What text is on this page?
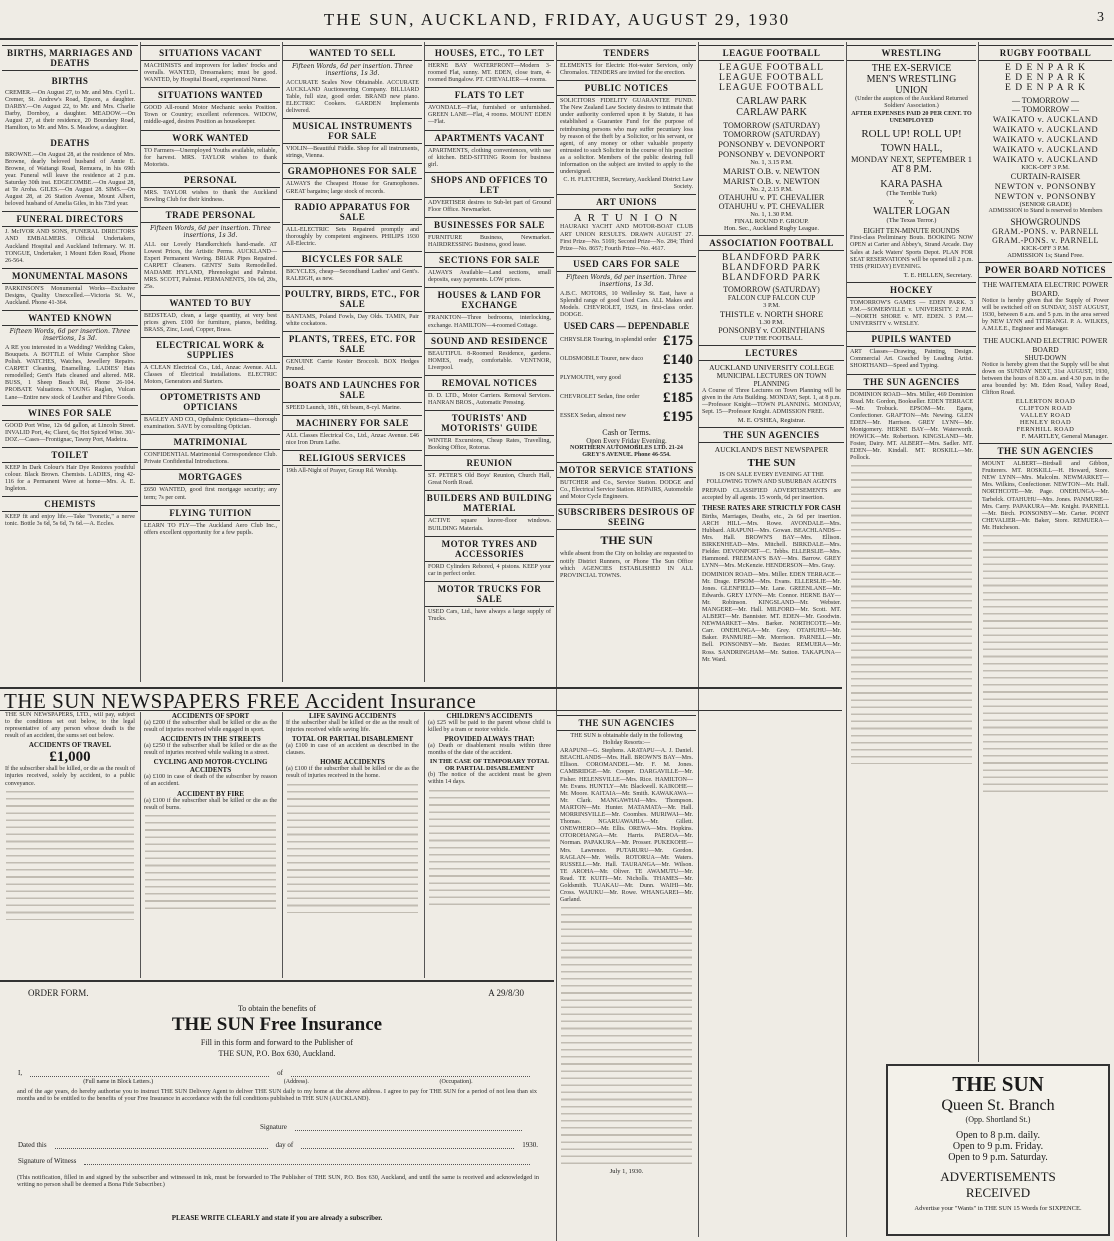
THE SUN, AUCKLAND, FRIDAY, AUGUST 29, 1930	3
BIRTHS, MARRIAGES AND DEATHS
BIRTHS

CREMER.—On August 27, to Mr. and Mrs. Cyril L. Cremer, St. Andrew's Road, Epsom, a daughter. DARBY.—On August 22, to Mr. and Mrs. Charlie Darby, Dornboy, a daughter. MEADOW.—On August 27, at their residence, 20 Boundary Road, Hamilton, to Mr. and Mrs. S. Meadow, a daughter.

DEATHS

BROWNE.—On August 28, at the residence of Mrs. Browne, dearly beloved husband of Annie E. Browne, of Waitangi Road, Remuera, in his 69th year. Funeral will leave the residence at 2 p.m. Saturday 30th inst. EDGECOMBE.—On August 28, at Te Aroha. GILES.—On August 28. SIMS.—On August 28, at 26 Station Avenue, Mount Albert, beloved husband of Amelia Giles, in his 73rd year.

FUNERAL DIRECTORS

J. McIVOR AND SONS, FUNERAL DIRECTORS AND EMBALMERS. Official Undertakers, Auckland Hospital and Auckland Infirmary. W. H. TONGUE, Undertaker, 1 Mount Eden Road, Phone 26-564.

MONUMENTAL MASONS

PARKINSON'S Monumental Works—Exclusive Designs, Quality Unexcelled.—Victoria St. W., Auckland. Phone 41-364.

WANTED KNOWN
Fifteen Words, 6d per insertion. Three insertions, 1s 3d.

A RE you interested in a Wedding? Wedding Cakes, Bouquets. A BOTTLE of White Camphor Shoe Polish. WATCHES, Watches, Jewellery Repairs. CARPET Cleaning, Enamelling. LADIES' Hats remodelled; Gent's Hats cleaned and altered. MR. BUSS, 1 Sheep Beach Rd, Phone 26-104. PROBATE Valuations. YOUNG Raglan, Vulcan Lane—Entire new stock of Leather and Fibre Goods.

WINES FOR SALE

GOOD Port Wine, 12s 6d gallon, at Lincoln Street. INVALID Port, 4s; Claret, 6s; Hot Spiced Wine. 30/- DOZ.—Cases—Frontignac, Tawny Port, Madeira.

TOILET

KEEP In Dark Colour's Hair Dye Restores youthful colour. Black Brown. Chemists. LADIES, ring 42-116 for a Permanent Wave at home—Mrs. A. E. Ingleton.

CHEMISTS

KEEP fit and enjoy life.—Take "Ivonetic," a nerve tonic. Bottle 3s 6d, 5s 6d, 7s 6d.—A. Eccles.

SITUATIONS VACANT

MACHINISTS and improvers for ladies' frocks and overalls. WANTED, Dressmakers; must be good. WANTED, by Hospital Board, experienced Nurse.

SITUATIONS WANTED

GOOD All-round Motor Mechanic seeks Position. Town or Country; excellent references. WIDOW, middle-aged, desires Position as housekeeper.

WORK WANTED

TO Farmers—Unemployed Youths available, reliable, for harvest. MRS. TAYLOR wishes to thank Motorists.

PERSONAL

MRS. TAYLOR wishes to thank the Auckland Bowling Club for their kindness.

TRADE PERSONAL
Fifteen Words, 6d per insertion. Three insertions, 1s 3d.

ALL our Lovely Handkerchiefs hand-made. AT Lowest Prices, the Artistic Perms. AUCKLAND—Expert Permanent Waving. BRIAR Pipes Repaired. CARPET Cleaners. GENTS' Suits Remodelled. MADAME HYLAND, Phrenologist and Palmist. MRS. SCOTT, Palmist. PERMANENTS, 10s 6d, 20s, 25s.

WANTED TO BUY

BEDSTEAD, clean, a large quantity, at very best prices given. £100 for furniture, pianos, bedding. BRASS, Zinc, Lead, Copper, Brass.

ELECTRICAL WORK & SUPPLIES

A CLEAN Electrical Co., Ltd., Anzac Avenue. ALL Classes of Electrical installations. ELECTRIC Motors, Generators and Starters.

OPTOMETRISTS AND OPTICIANS

BAGLEY AND CO., Opthalmic Opticians—thorough examination. SAVE by consulting Optician.

MATRIMONIAL

CONFIDENTIAL Matrimonial Correspondence Club. Private Confidential Introductions.

MORTGAGES

£650 WANTED, good first mortgage security; any term; 7s per cent.

FLYING TUITION

LEARN TO FLY—The Auckland Aero Club Inc., offers excellent opportunity for a few pupils.

WANTED TO SELL
Fifteen Words, 6d per insertion. Three insertions, 1s 3d.

ACCURATE Scales Now Obtainable. ACCURATE AUCKLAND Auctioneering Company. BILLIARD Table, full size, good order. BRAND new piano. ELECTRIC Cookers. GARDEN Implements delivered.

MUSICAL INSTRUMENTS FOR SALE

VIOLIN—Beautiful Fiddle. Shop for all instruments, strings, Vienna.

GRAMOPHONES FOR SALE

ALWAYS the Cheapest House for Gramophones. GREAT bargains; large stock of records.

RADIO APPARATUS FOR SALE

ALL-ELECTRIC Sets Repaired promptly and thoroughly by competent engineers. PHILIPS 1930 All-Electric.

BICYCLES FOR SALE

BICYCLES, cheap—Secondhand Ladies' and Gent's. RALEIGH, as new.

POULTRY, BIRDS, ETC., FOR SALE

BANTAMS, Poland Fowls, Day Olds. TAMIN, Pair white cockatoos.

PLANTS, TREES, ETC. FOR SALE

GENUINE Carrie Kester Broccoli. BOX Hedges Pruned.

BOATS AND LAUNCHES FOR SALE

SPEED Launch, 18ft., 6ft beam, 8-cyl. Marine.

MACHINERY FOR SALE

ALL Classes Electrical Co., Ltd., Anzac Avenue. £46 nice Iron Drum Lathe.

RELIGIOUS SERVICES

19th All-Night of Prayer, Group Rd. Worship.

HOUSES, ETC., TO LET

HERNE BAY WATERFRONT—Modern 3-roomed Flat, sunny. MT. EDEN, close tram, 4-roomed Bungalow. PT. CHEVALIER—4 rooms.

FLATS TO LET

AVONDALE—Flat, furnished or unfurnished. GREEN LANE—Flat, 4 rooms. MOUNT EDEN—Flat.

APARTMENTS VACANT

APARTMENTS, clothing conveniences, with use of kitchen. BED-SITTING Room for business girl.

SHOPS AND OFFICES TO LET

ADVERTISER desires to Sub-let part of Ground Floor Office. Newmarket.

BUSINESSES FOR SALE

FURNITURE Business, Newmarket. HAIRDRESSING Business, good lease.

SECTIONS FOR SALE

ALWAYS Available—Land sections, small deposits, easy payments. LOW prices.

HOUSES & LAND FOR EXCHANGE

FRANKTON—Three bedrooms, interlocking, exchange. HAMILTON—4-roomed Cottage.

SOUND AND RESIDENCE

BEAUTIFUL 8-Roomed Residence, gardens. HOMES, ready, comfortable. VENTNOR, Liverpool.

REMOVAL NOTICES

D. D. LTD., Motor Carriers. Removal Services. HANRAN BROS., Automatic Pressing.

TOURISTS' AND MOTORISTS' GUIDE

WINTER Excursions, Cheap Rates, Travelling, Booking Office, Rotorua.

REUNION

ST. PETER'S Old Boys' Reunion, Church Hall, Great North Road.

BUILDERS AND BUILDING MATERIAL

ACTIVE square louvre-floor windows. BUILDING Materials.

MOTOR TYRES AND ACCESSORIES

FORD Cylinders Rebored, 4 pistons. KEEP your car in perfect order.

MOTOR TRUCKS FOR SALE

USED Cars, Ltd., have always a large supply of Trucks.

TENDERS

ELEMENTS for Electric Hot-water Services, only Chromalox. TENDERS are invited for the erection.

PUBLIC NOTICES

SOLICITORS FIDELITY GUARANTEE FUND. The New Zealand Law Society desires to intimate that under authority conferred upon it by Statute, it has established a Guarantee Fund for the purpose of reimbursing persons who may suffer pecuniary loss by reason of the theft by a Solicitor, or his servant, or agent, of any money or other valuable property entrusted to such Solicitor in the course of his practice as a solicitor. Members of the public desiring full information on the subject are invited to apply to the undersigned.

C. H. FLETCHER, Secretary, Auckland District Law Society.

ART UNIONS
A R T U N I O N

HAURAKI YACHT AND MOTOR-BOAT CLUB ART UNION RESULTS. DRAWN AUGUST 27. First Prize—No. 5169; Second Prize—No. 284; Third Prize—No. 8657; Fourth Prize—No. 4617.

USED CARS FOR SALE
Fifteen Words, 6d per insertion. Three insertions, 1s 3d.

A.B.C. MOTORS, 10 Wellesley St. East, have a Splendid range of good Used Cars. ALL Makes and Models. CHEVROLET, 1929, in first-class order. DODGE.

USED CARS — DEPENDABLE
CHRYSLER Touring, in splendid order £175
OLDSMOBILE Tourer, new duco	£140
PLYMOUTH, very good	£135
CHEVROLET Sedan, fine order	£185
ESSEX Sedan, almost new	£195
Cash or Terms.
Open Every Friday Evening.

NORTHERN AUTOMOBILES LTD. 21-24 GREY'S AVENUE. Phone 46-554.

MOTOR SERVICE STATIONS

BUTCHER and Co., Service Station. DODGE and Co., Electrical Service Station. REPAIRS, Automobile and Motor Cycle Engineers.

SUBSCRIBERS DESIROUS OF SEEING
THE SUN

while absent from the City on holiday are requested to notify District Runners, or Phone The Sun Office which AGENCIES ESTABLISHED IN ALL PROVINCIAL TOWNS.

LEAGUE FOOTBALL
LEAGUE FOOTBALL
LEAGUE FOOTBALL
LEAGUE FOOTBALL
CARLAW PARK
CARLAW PARK
TOMORROW (SATURDAY)
TOMORROW (SATURDAY)
PONSONBY v. DEVONPORT
PONSONBY v. DEVONPORT
No. 1, 3.15 P.M.
MARIST O.B. v. NEWTON
MARIST O.B. v. NEWTON
No. 2, 2.15 P.M.
OTAHUHU v. PT. CHEVALIER
OTAHUHU v. PT. CHEVALIER
No. 1, 1.30 P.M.
FINAL ROUND F. GROUP.
Hon. Sec., Auckland Rugby League.
ASSOCIATION FOOTBALL
BLANDFORD PARK
BLANDFORD PARK
BLANDFORD PARK
TOMORROW (SATURDAY)
FALCON CUP FALCON CUP
3 P.M.
THISTLE v. NORTH SHORE
1.30 P.M.
PONSONBY v. CORINTHIANS
CUP THE FOOTBALL
LECTURES
AUCKLAND UNIVERSITY COLLEGE
MUNICIPAL LECTURES ON TOWN PLANNING

A Course of Three Lectures on Town Planning will be given in the Arts Building. MONDAY, Sept. 1, at 8 p.m.—Professor Knight—TOWN PLANNING. MONDAY, Sept. 15—Professor Knight. ADMISSION FREE.

M. E. O'SHEA, Registrar.
THE SUN AGENCIES
AUCKLAND'S BEST NEWSPAPER
THE SUN

IS ON SALE EVERY EVENING AT THE FOLLOWING TOWN AND SUBURBAN AGENTS

PREPAID CLASSIFIED ADVERTISEMENTS are accepted by all agents. 15 words, 6d per insertion.

THESE RATES ARE STRICTLY FOR CASH

Births, Marriages, Deaths, etc., 2s 6d per insertion. ARCH HILL—Mrs. Rowe. AVONDALE—Mrs. Hubbard. ARAPUNI—Mrs. Gowan. BEACHLANDS—Mrs. Hall. BROWN'S BAY—Mrs. Ellison. BIRKENHEAD—Mrs. Mitchell. BIRKDALE—Mrs. Fielder. DEVONPORT—C. Tebbs. ELLERSLIE—Mrs. Hammond. FREEMAN'S BAY—Mrs. Barrow. GREY LYNN—Mrs. McKenzie. HENDERSON—Mrs. Gray.

DOMINION ROAD—Mrs. Miller. EDEN TERRACE—Mr. Drage. EPSOM—Mrs. Evans. ELLERSLIE—Mr. Jones. GLENFIELD—Mr. Lane. GREENLANE—Mr. Edwards. GREY LYNN—Mr. Connor. HERNE BAY—Mr. Robinson. KINGSLAND—Mr. Webster. MANGERE—Mr. Hall. MILFORD—Mr. Scott. MT. ALBERT—Mr. Bannister. MT. EDEN—Mr. Goodwin. NEWMARKET—Mrs. Barker. NORTHCOTE—Mr. Carr. ONEHUNGA—Mr. Grey. OTAHUHU—Mr. Baker. PANMURE—Mr. Morrison. PARNELL—Mr. Bell. PONSONBY—Mr. Baxter. REMUERA—Mr. Ross. SANDRINGHAM—Mr. Sutton. TAKAPUNA—Mr. Ward.

WRESTLING
THE EX-SERVICE
MEN'S WRESTLING
UNION

(Under the auspices of the Auckland Returned Soldiers' Association.)

AFTER EXPENSES PAID 20 PER CENT. TO UNEMPLOYED

ROLL UP! ROLL UP!
TOWN HALL,
MONDAY NEXT, SEPTEMBER 1
AT 8 P.M.
KARA PASHA
(The Terrible Turk)
v.
WALTER LOGAN
(The Texas Terror.)
EIGHT TEN-MINUTE ROUNDS

First-class Preliminary Bouts. BOOKING NOW OPEN at Carter and Abbey's, Strand Arcade. Day Sales at Jack Waters' Sports Depot. PLAN FOR SEAT RESERVATIONS will be opened till 2 p.m. THIS (FRIDAY) EVENING.

T. E. HELLEN, Secretary.
HOCKEY

TOMORROW'S GAMES — EDEN PARK. 3 P.M.—SOMERVILLE v. UNIVERSITY. 2 P.M.—NORTH SHORE v. MT. EDEN. 3 P.M.—UNIVERSITY v. WESLEY.

PUPILS WANTED

ART Classes—Drawing, Painting, Design. Commercial Art. Coached by Leading Artist. SHORTHAND—Speed and Typing.

THE SUN AGENCIES

DOMINION ROAD—Mrs. Miller, 469 Dominion Road. Mr. Gordon, Bookseller. EDEN TERRACE—Mr. Trobuck. EPSOM—Mr. Egans, Confectioner. GRAFTON—Mr. Newing. GLEN EDEN—Mr. Harrison. GREY LYNN—Mr. Montgomery. HERNE BAY—Mr. Waterworth. HOWICK—Mr. Robertson. KINGSLAND—Mr. Foster, Dairy. MT. ALBERT—Mrs. Sadler. MT. EDEN—Mr. Kindall. MT. ROSKILL—Mr. Pollock.

RUGBY FOOTBALL
E D E N P A R K
E D E N P A R K
E D E N P A R K
— TOMORROW —
— TOMORROW —
WAIKATO v. AUCKLAND
WAIKATO v. AUCKLAND
WAIKATO v. AUCKLAND
WAIKATO v. AUCKLAND
WAIKATO v. AUCKLAND
KICK-OFF 3 P.M.
CURTAIN-RAISER
NEWTON v. PONSONBY
NEWTON v. PONSONBY
(SENIOR GRADE)

ADMISSION to Stand is reserved to Members

SHOWGROUNDS
GRAM.-PONS. v. PARNELL
GRAM.-PONS. v. PARNELL
KICK-OFF 3 P.M.
ADMISSION 1s; Stand Free.
POWER BOARD NOTICES
THE WAITEMATA ELECTRIC POWER BOARD.

Notice is hereby given that the Supply of Power will be switched off on SUNDAY, 31ST AUGUST, 1930, between 8 a.m. and 5 p.m. in the area served by NEW LYNN and TITIRANGI. P. A. WILKES, A.M.I.E.E., Engineer and Manager.

THE AUCKLAND ELECTRIC POWER BOARD
SHUT-DOWN

Notice is hereby given that the Supply will be shut down on SUNDAY NEXT, 31st AUGUST, 1930, between the hours of 8.30 a.m. and 4.30 p.m. in the area bounded by: Mt. Eden Road, Valley Road, Clifton Road.

ELLERTON ROAD
CLIFTON ROAD
VALLEY ROAD
HENLEY ROAD
FERNHILL ROAD
F. MARTLEY, General Manager.
THE SUN AGENCIES

MOUNT ALBERT—Birdsall and Gibbon, Fruiterers. MT. ROSKILL—H. Howard, Store. NEW LYNN—Mrs. Malcolm. NEWMARKET—Mrs. Wilkins, Confectioner. NEWTON—Mr. Hall. NORTHCOTE—Mr. Page. ONEHUNGA—Mr. Tarbelck. OTAHUHU—Mrs. Jones. PANMURE—Mrs. Carry. PAPAKURA—Mr. Knight. PARNELL—Mr. Birch. PONSONBY—Mr. Carter. POINT CHEVALIER—Mr. Baker, Store. REMUERA—Mr. Hutcheson.

THE SUN NEWSPAPERS FREE Accident Insurance

THE SUN NEWSPAPERS, LTD., will pay, subject to the conditions set out below, to the legal representative of any person whose death is the result of an accident, the sums set out below.

ACCIDENTS OF TRAVEL
£1,000

If the subscriber shall be killed, or die as the result of injuries received, solely by accident, to a public conveyance.

ACCIDENTS OF SPORT

(a) £200 if the subscriber shall be killed or die as the result of injuries received while engaged in sport.

ACCIDENTS IN THE STREETS

(a) £250 if the subscriber shall be killed or die as the result of injuries received while walking in a street.

CYCLING AND MOTOR-CYCLING ACCIDENTS

(a) £100 in case of death of the subscriber by reason of an accident.

ACCIDENT BY FIRE

(a) £100 if the subscriber shall be killed or die as the result of burns.

LIFE SAVING ACCIDENTS

If the subscriber shall be killed or die as the result of injuries received while saving life.

TOTAL OR PARTIAL DISABLEMENT

(a) £100 in case of an accident as described in the clauses.

HOME ACCIDENTS

(a) £100 if the subscriber shall be killed or die as the result of injuries received in the home.

CHILDREN'S ACCIDENTS

(a) £25 will be paid to the parent whose child is killed by a tram or motor vehicle.

PROVIDED ALWAYS THAT:

(a) Death or disablement results within three months of the date of the accident.

IN THE CASE OF TEMPORARY TOTAL OR PARTIAL DISABLEMENT

(b) The notice of the accident must be given within 14 days.

THE SUN AGENCIES

THE SUN is obtainable daily in the following Holiday Resorts:—

ARAPUNI—G. Stephens. ARATAPU—A. J. Daniel. BEACHLANDS—Mrs. Hall. BROWN'S BAY—Mrs. Ellison. COROMANDEL—Mr. F. M. Jones. CAMBRIDGE—Mr. Cooper. DARGAVILLE—Mr. Fisher. HELENSVILLE—Mrs. Rice. HAMILTON—Mr. Evans. HUNTLY—Mr. Blackwell. KAIKOHE—Mr. Moore. KAITAIA—Mr. Smith. KAWAKAWA—Mr. Clark. MANGAWHAI—Mrs. Thompson. MARTON—Mr. Hunter. MATAMATA—Mr. Hall. MORRINSVILLE—Mr. Coombes. MURIWAI—Mr. Thomas. NGARUAWAHIA—Mr. Gillett. ONEWHERO—Mr. Ellis. OREWA—Mrs. Hopkins. OTOROHANGA—Mr. Harris. PAEROA—Mr. Norman. PAPAKURA—Mr. Prosser. PUKEKOHE—Mrs. Lawrence. PUTARURU—Mr. Gordon. RAGLAN—Mr. Wells. ROTORUA—Mr. Waters. RUSSELL—Mr. Hall. TAURANGA—Mr. Wilson. TE AROHA—Mr. Oliver. TE AWAMUTU—Mr. Read. TE KUITI—Mr. Nicholls. THAMES—Mr. Goldsmith. TUAKAU—Mr. Dunn. WAIHI—Mr. Cross. WAIUKU—Mr. Rowe. WHANGAREI—Mr. Garland.

July 1, 1930.
ORDER FORM.	A 29/8/30
To obtain the benefits of
THE SUN Free Insurance
Fill in this form and forward to the Publisher of
THE SUN, P.O. Box 630, Auckland.
I,	of
(Full name in Block Letters.)	(Address).	(Occupation).

and of the age years, do hereby authorise you to instruct THE SUN Delivery Agent to deliver THE SUN daily to my home at the above address. I agree to pay for THE SUN for a period of not less than six months and to be entitled to the benefits of your Free Insurance in accordance with the full conditions published in THE SUN (AUCKLAND).

Signature
Dated this	day of	1930.
Signature of Witness

(This notification, filled in and signed by the subscriber and witnessed in ink, must be forwarded to The Publisher of THE SUN, P.O. Box 630, Auckland, and until the same is received and acknowledged in writing no person shall be deemed a Bona Fide Subscriber.)

PLEASE WRITE CLEARLY and state if you are already a subscriber.
THE SUN
Queen St. Branch
(Opp. Shortland St.)
Open to 8 p.m. daily.
Open to 9 p.m. Friday.
Open to 9 p.m. Saturday.
ADVERTISEMENTS
RECEIVED
Advertise your "Wants" in THE SUN 15 Words for SIXPENCE.
